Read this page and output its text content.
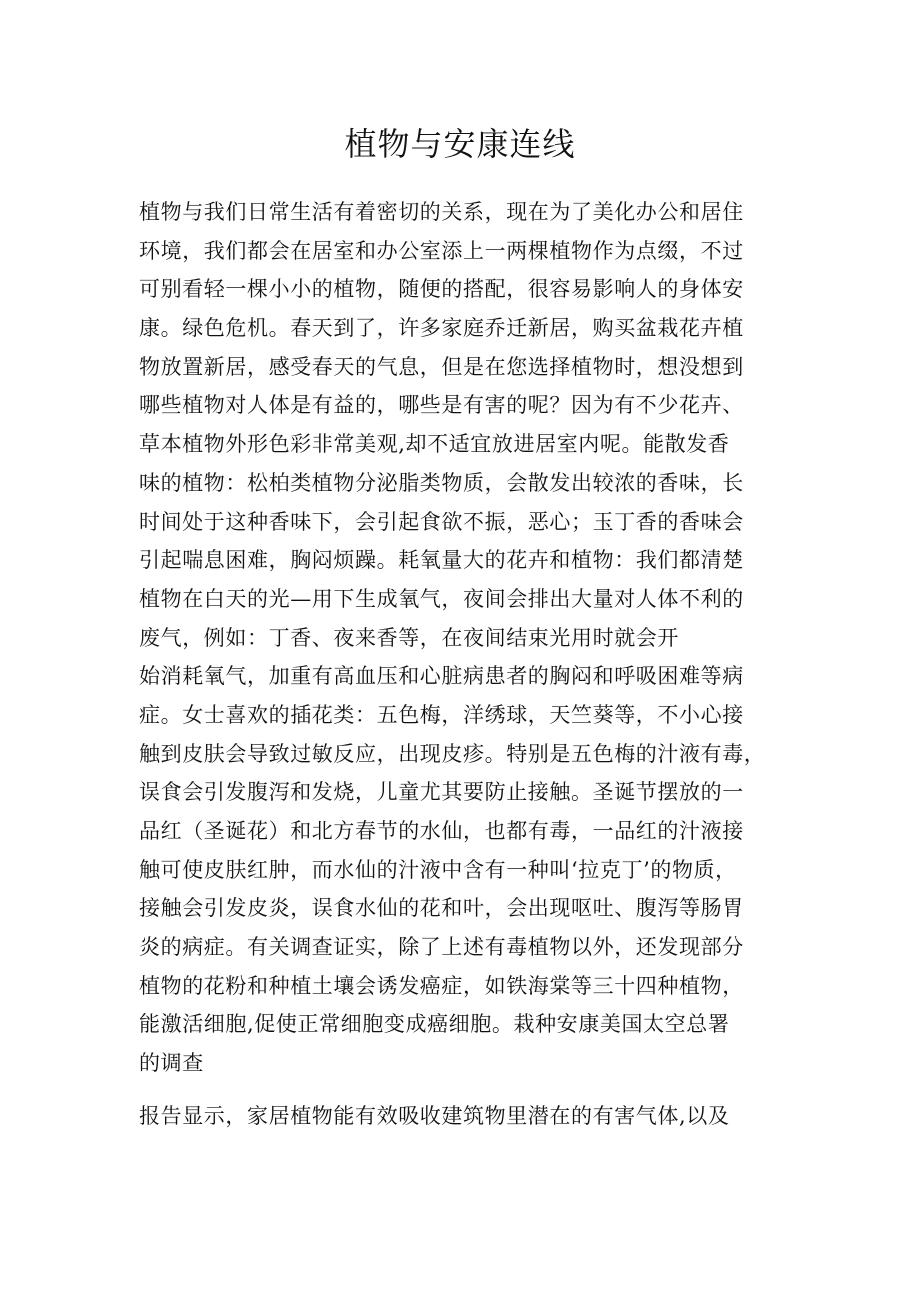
植物与安康连线
植物与我们日常生活有着密切的关系，现在为了美化办公和居住
环境，我们都会在居室和办公室添上一两棵植物作为点缀，不过
可别看轻一棵小小的植物，随便的搭配，很容易影响人的身体安
康。绿色危机。春天到了，许多家庭乔迁新居，购买盆栽花卉植
物放置新居，感受春天的气息，但是在您选择植物时，想没想到
哪些植物对人体是有益的，哪些是有害的呢？因为有不少花卉、
草本植物外形色彩非常美观,却不适宜放进居室内呢。能散发香
味的植物：松柏类植物分泌脂类物质，会散发出较浓的香味，长
时间处于这种香味下，会引起食欲不振，恶心；玉丁香的香味会
引起喘息困难，胸闷烦躁。耗氧量大的花卉和植物：我们都清楚
植物在白天的光—用下生成氧气，夜间会排出大量对人体不利的
废气，例如：丁香、夜来香等，在夜间结束光用时就会开
始消耗氧气，加重有高血压和心脏病患者的胸闷和呼吸困难等病
症。女士喜欢的插花类：五色梅，洋绣球，天竺葵等，不小心接
触到皮肤会导致过敏反应，出现皮疹。特别是五色梅的汁液有毒，
误食会引发腹泻和发烧，儿童尤其要防止接触。圣诞节摆放的一
品红（圣诞花）和北方春节的水仙，也都有毒，一品红的汁液接
触可使皮肤红肿，而水仙的汁液中含有一种叫‘拉克丁’的物质，
接触会引发皮炎，误食水仙的花和叶，会出现呕吐、腹泻等肠胃
炎的病症。有关调查证实，除了上述有毒植物以外，还发现部分
植物的花粉和种植土壤会诱发癌症，如铁海棠等三十四种植物，
能激活细胞,促使正常细胞变成癌细胞。栽种安康美国太空总署
的调查
报告显示，家居植物能有效吸收建筑物里潜在的有害气体,以及
